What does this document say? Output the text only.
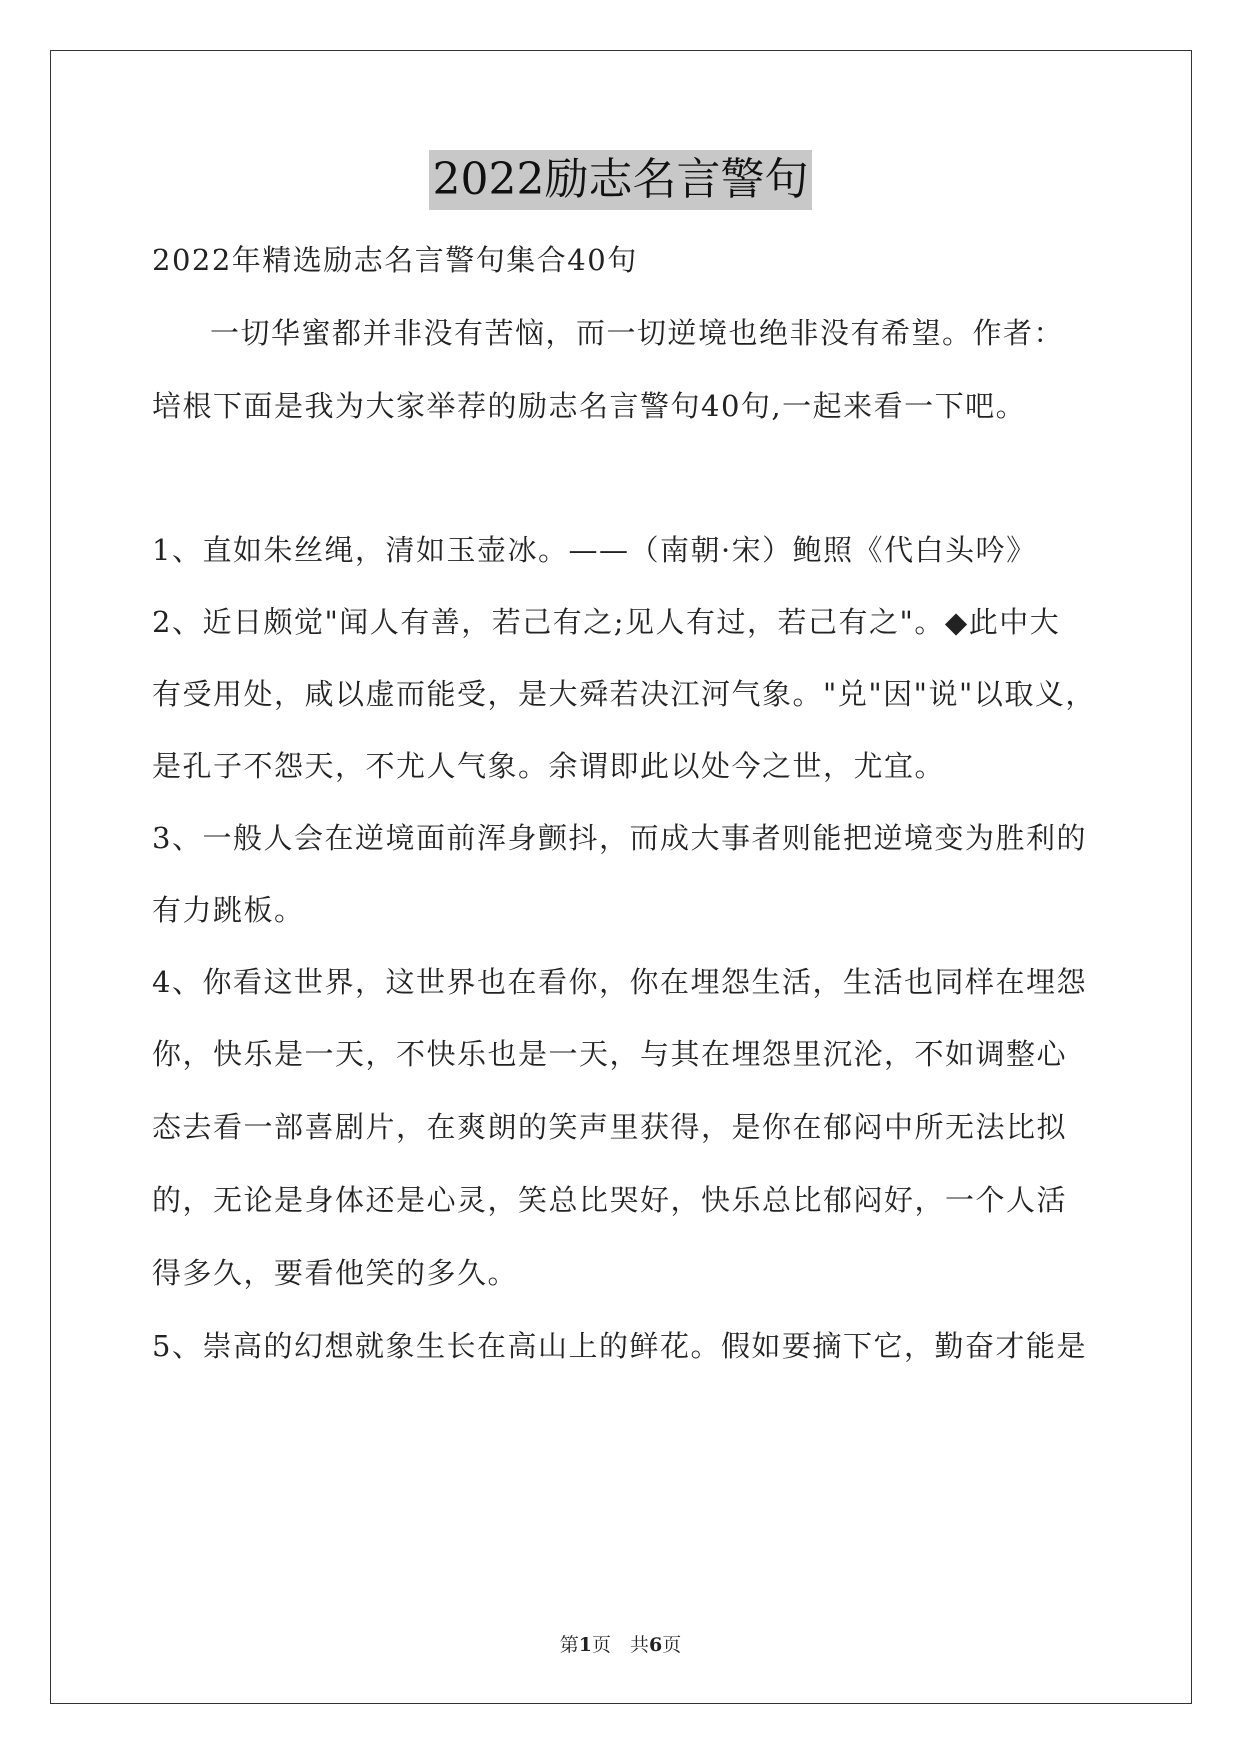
2022励志名言警句
2022年精选励志名言警句集合40句
一切华蜜都并非没有苦恼，而一切逆境也绝非没有希望。作者：
培根下面是我为大家举荐的励志名言警句40句,一起来看一下吧。
1、直如朱丝绳，清如玉壶冰。——（南朝·宋）鲍照《代白头吟》
2、近日颇觉"闻人有善，若己有之;见人有过，若己有之"。◆此中大
有受用处，咸以虚而能受，是大舜若决江河气象。"兑"因"说"以取义，
是孔子不怨天，不尤人气象。余谓即此以处今之世，尤宜。
3、一般人会在逆境面前浑身颤抖，而成大事者则能把逆境变为胜利的
有力跳板。
4、你看这世界，这世界也在看你，你在埋怨生活，生活也同样在埋怨
你，快乐是一天，不快乐也是一天，与其在埋怨里沉沦，不如调整心
态去看一部喜剧片，在爽朗的笑声里获得，是你在郁闷中所无法比拟
的，无论是身体还是心灵，笑总比哭好，快乐总比郁闷好，一个人活
得多久，要看他笑的多久。
5、崇高的幻想就象生长在高山上的鲜花。假如要摘下它，勤奋才能是
第1页　共6页
